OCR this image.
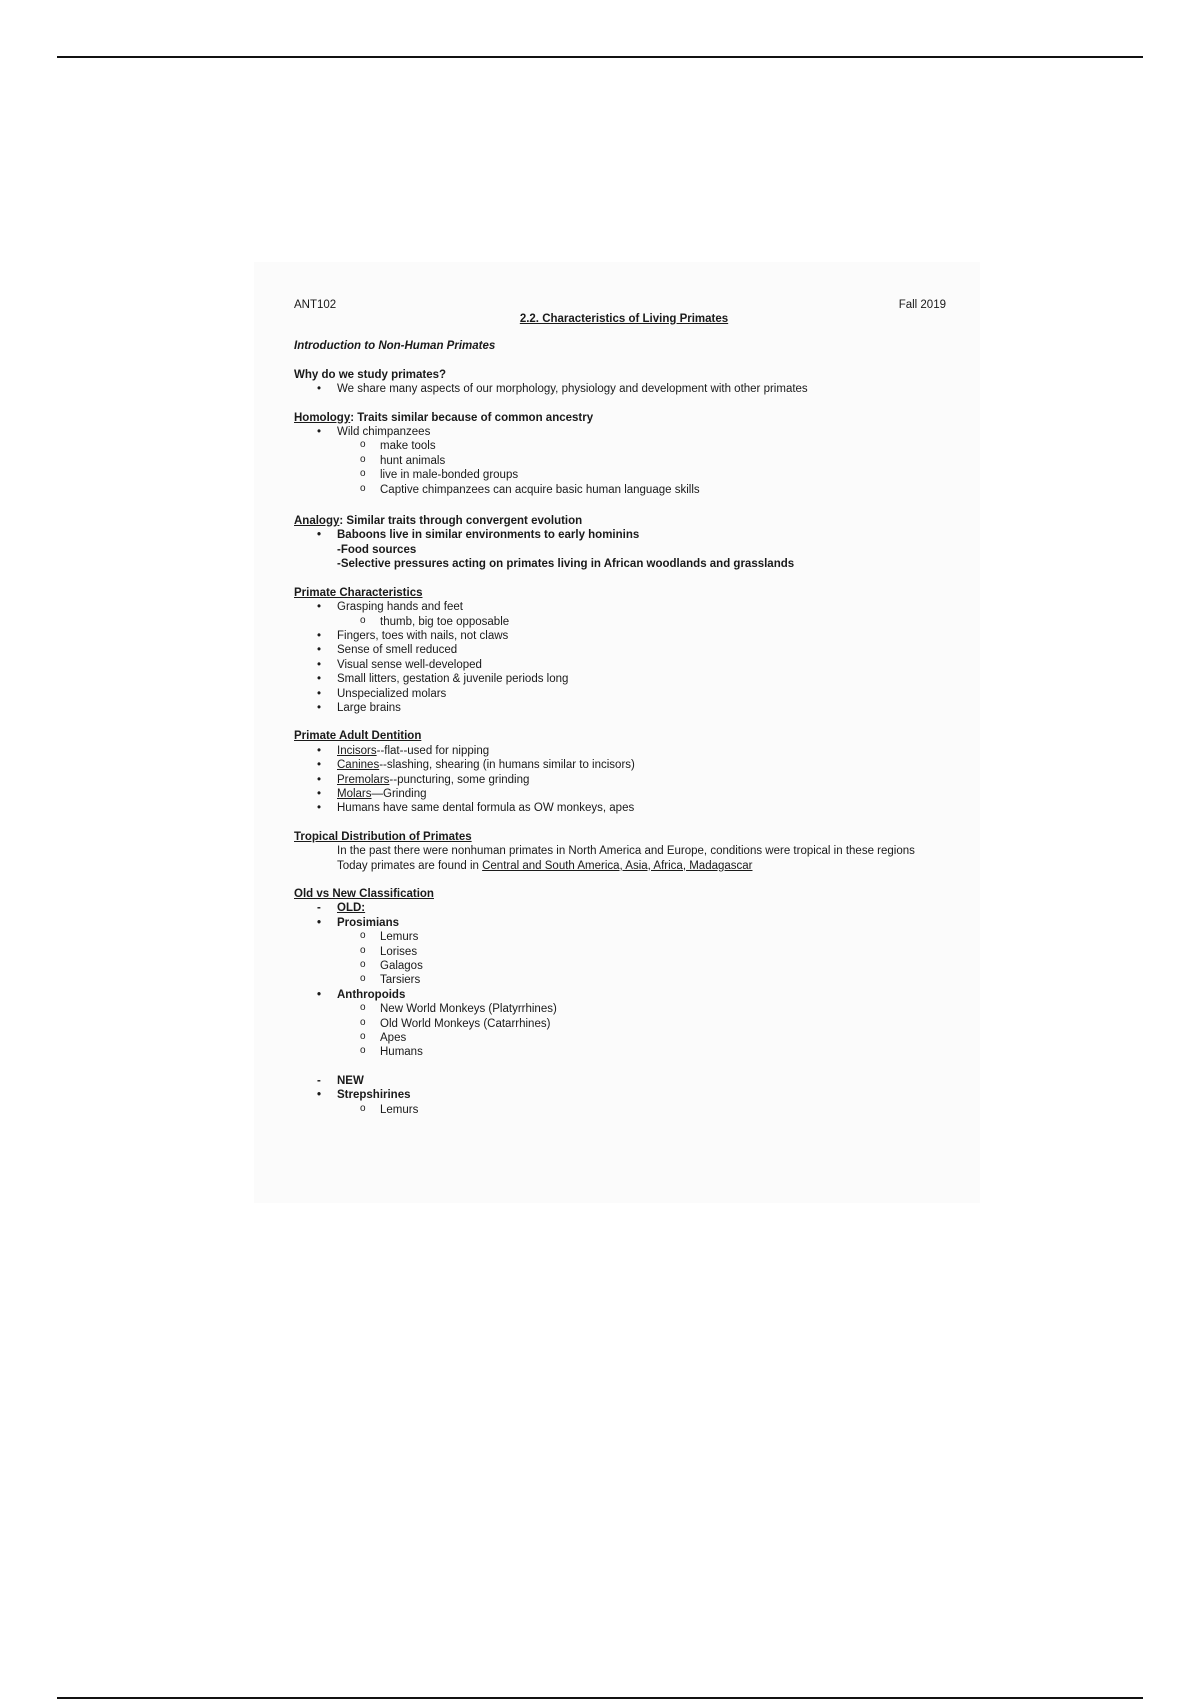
ANT102	Fall 2019
2.2. Characteristics of Living Primates
Introduction to Non-Human Primates
Why do we study primates?
• We share many aspects of our morphology, physiology and development with other primates
Homology: Traits similar because of common ancestry
• Wild chimpanzees
o make tools
o hunt animals
o live in male-bonded groups
o Captive chimpanzees can acquire basic human language skills
Analogy: Similar traits through convergent evolution
• Baboons live in similar environments to early hominins
-Food sources
-Selective pressures acting on primates living in African woodlands and grasslands
Primate Characteristics
• Grasping hands and feet
o thumb, big toe opposable
• Fingers, toes with nails, not claws
• Sense of smell reduced
• Visual sense well-developed
• Small litters, gestation & juvenile periods long
• Unspecialized molars
• Large brains
Primate Adult Dentition
• Incisors--flat--used for nipping
• Canines--slashing, shearing (in humans similar to incisors)
• Premolars--puncturing, some grinding
• Molars—Grinding
• Humans have same dental formula as OW monkeys, apes
Tropical Distribution of Primates
In the past there were nonhuman primates in North America and Europe, conditions were tropical in these regions
Today primates are found in Central and South America, Asia, Africa, Madagascar
Old vs New Classification
- OLD:
• Prosimians
o Lemurs
o Lorises
o Galagos
o Tarsiers
• Anthropoids
o New World Monkeys (Platyrrhines)
o Old World Monkeys (Catarrhines)
o Apes
o Humans
- NEW
• Strepshirines
o Lemurs
